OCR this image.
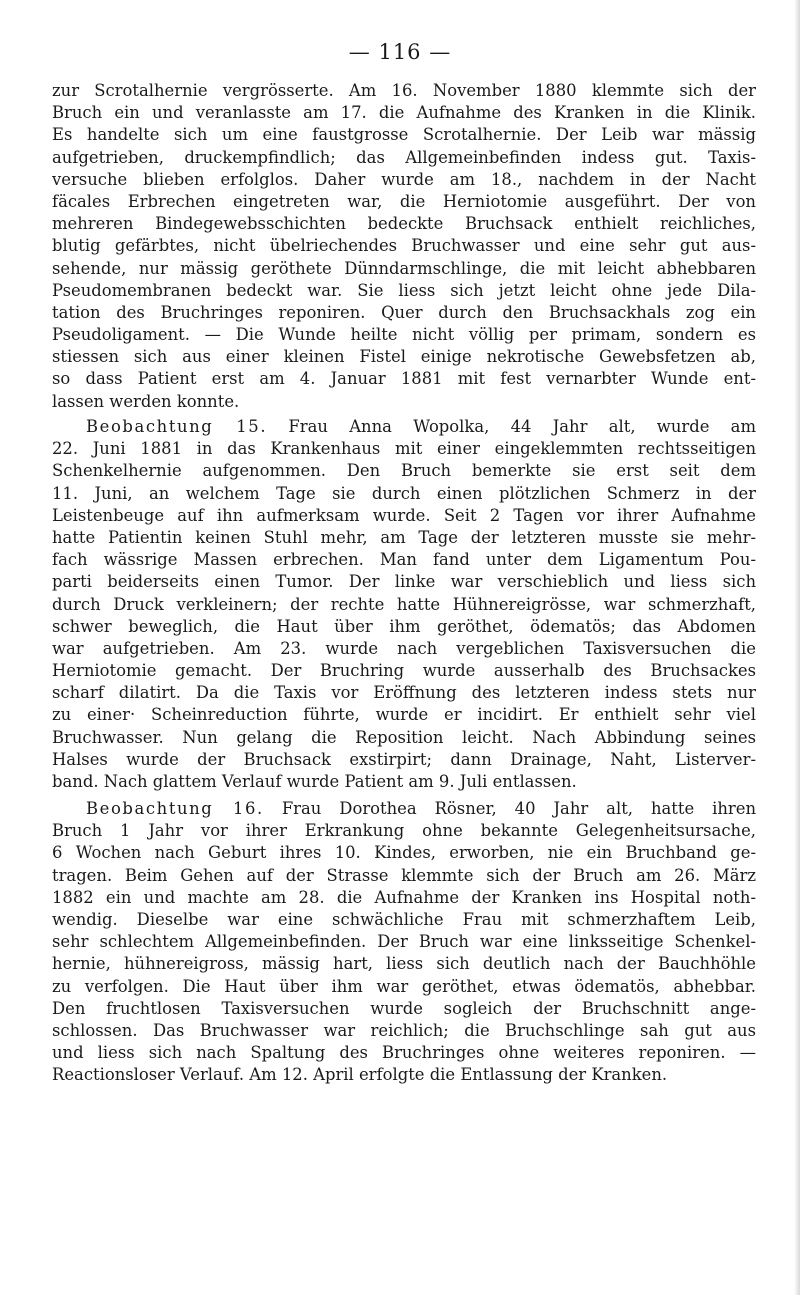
— 116 —
zur Scrotalhernie vergrösserte. Am 16. November 1880 klemmte sich der
Bruch ein und veranlasste am 17. die Aufnahme des Kranken in die Klinik.
Es handelte sich um eine faustgrosse Scrotalhernie. Der Leib war mässig
aufgetrieben, druckempfindlich; das Allgemeinbefinden indess gut. Taxis-
versuche blieben erfolglos. Daher wurde am 18., nachdem in der Nacht
fäcales Erbrechen eingetreten war, die Herniotomie ausgeführt. Der von
mehreren Bindegewebsschichten bedeckte Bruchsack enthielt reichliches,
blutig gefärbtes, nicht übelriechendes Bruchwasser und eine sehr gut aus-
sehende, nur mässig geröthete Dünndarmschlinge, die mit leicht abhebbaren
Pseudomembranen bedeckt war. Sie liess sich jetzt leicht ohne jede Dila-
tation des Bruchringes reponiren. Quer durch den Bruchsackhals zog ein
Pseudoligament. — Die Wunde heilte nicht völlig per primam, sondern es
stiessen sich aus einer kleinen Fistel einige nekrotische Gewebsfetzen ab,
so dass Patient erst am 4. Januar 1881 mit fest vernarbter Wunde ent-
lassen werden konnte.
Beobachtung 15. Frau Anna Wopolka, 44 Jahr alt, wurde am
22. Juni 1881 in das Krankenhaus mit einer eingeklemmten rechtsseitigen
Schenkelhernie aufgenommen. Den Bruch bemerkte sie erst seit dem
11. Juni, an welchem Tage sie durch einen plötzlichen Schmerz in der
Leistenbeuge auf ihn aufmerksam wurde. Seit 2 Tagen vor ihrer Aufnahme
hatte Patientin keinen Stuhl mehr, am Tage der letzteren musste sie mehr-
fach wässrige Massen erbrechen. Man fand unter dem Ligamentum Pou-
parti beiderseits einen Tumor. Der linke war verschieblich und liess sich
durch Druck verkleinern; der rechte hatte Hühnereigrösse, war schmerzhaft,
schwer beweglich, die Haut über ihm geröthet, ödematös; das Abdomen
war aufgetrieben. Am 23. wurde nach vergeblichen Taxisversuchen die
Herniotomie gemacht. Der Bruchring wurde ausserhalb des Bruchsackes
scharf dilatirt. Da die Taxis vor Eröffnung des letzteren indess stets nur
zu einer· Scheinreduction führte, wurde er incidirt. Er enthielt sehr viel
Bruchwasser. Nun gelang die Reposition leicht. Nach Abbindung seines
Halses wurde der Bruchsack exstirpirt; dann Drainage, Naht, Listerver-
band. Nach glattem Verlauf wurde Patient am 9. Juli entlassen.
Beobachtung 16. Frau Dorothea Rösner, 40 Jahr alt, hatte ihren
Bruch 1 Jahr vor ihrer Erkrankung ohne bekannte Gelegenheitsursache,
6 Wochen nach Geburt ihres 10. Kindes, erworben, nie ein Bruchband ge-
tragen. Beim Gehen auf der Strasse klemmte sich der Bruch am 26. März
1882 ein und machte am 28. die Aufnahme der Kranken ins Hospital noth-
wendig. Dieselbe war eine schwächliche Frau mit schmerzhaftem Leib,
sehr schlechtem Allgemeinbefinden. Der Bruch war eine linksseitige Schenkel-
hernie, hühnereigross, mässig hart, liess sich deutlich nach der Bauchhöhle
zu verfolgen. Die Haut über ihm war geröthet, etwas ödematös, abhebbar.
Den fruchtlosen Taxisversuchen wurde sogleich der Bruchschnitt ange-
schlossen. Das Bruchwasser war reichlich; die Bruchschlinge sah gut aus
und liess sich nach Spaltung des Bruchringes ohne weiteres reponiren. —
Reactionsloser Verlauf. Am 12. April erfolgte die Entlassung der Kranken.
